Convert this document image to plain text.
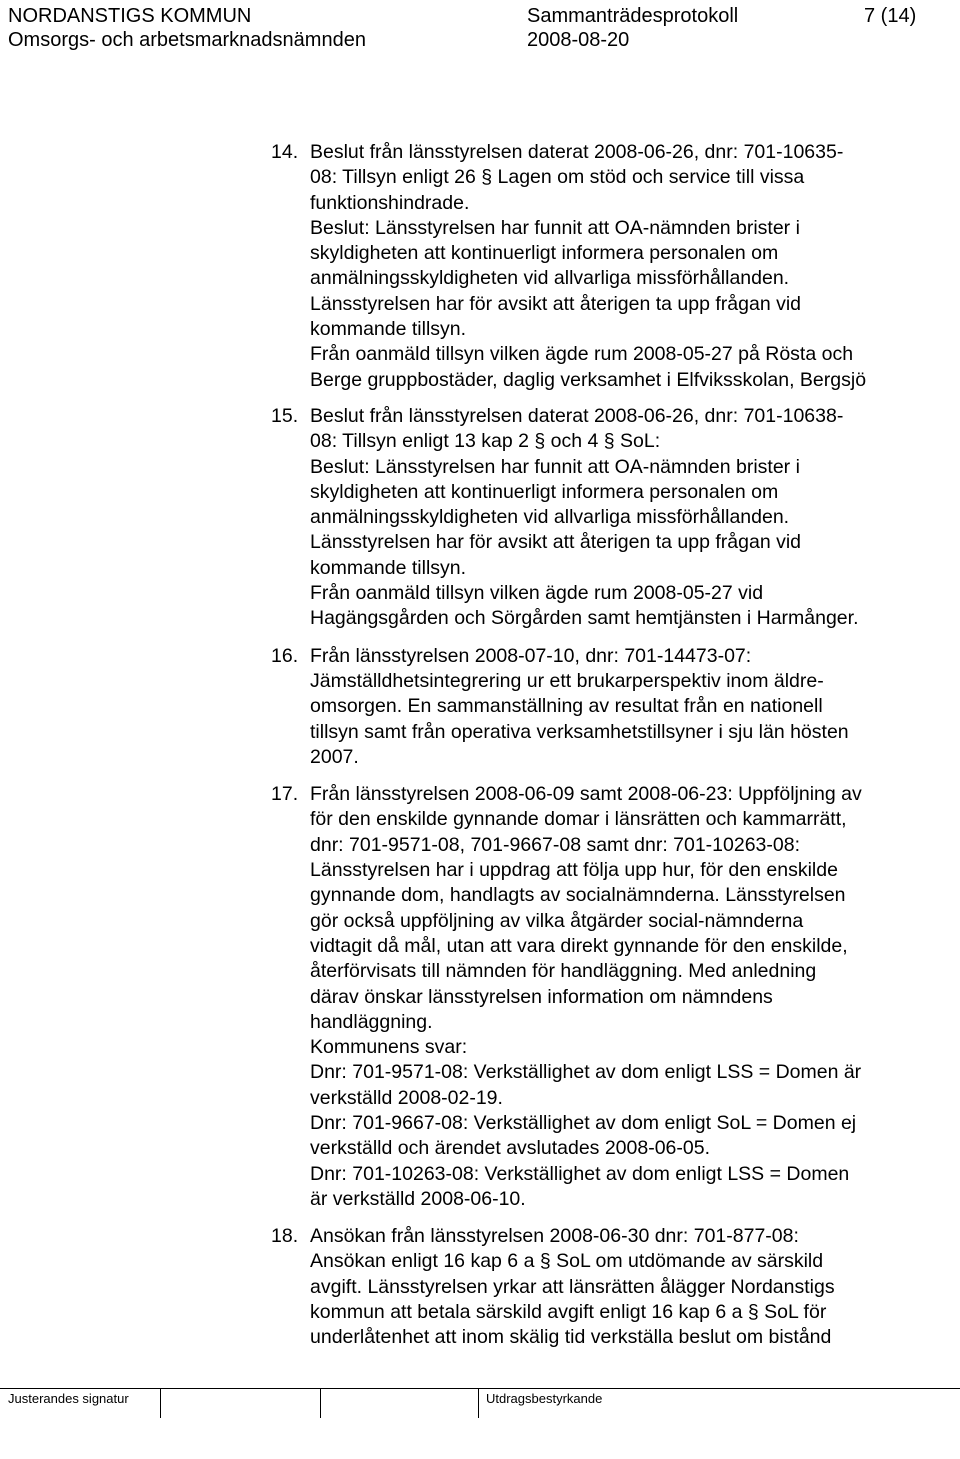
NORDANSTIGS KOMMUN	Sammanträdesprotokoll	7 (14)
Omsorgs- och arbetsmarknadsnämnden	2008-08-20
14. Beslut från länsstyrelsen daterat 2008-06-26, dnr: 701-10635-
08: Tillsyn enligt 26 § Lagen om stöd och service till vissa
funktionshindrade.
Beslut: Länsstyrelsen har funnit att OA-nämnden brister i
skyldigheten att kontinuerligt informera personalen om
anmälningsskyldigheten vid allvarliga missförhållanden.
Länsstyrelsen har för avsikt att återigen ta upp frågan vid
kommande tillsyn.
Från oanmäld tillsyn vilken ägde rum 2008-05-27 på Rösta och
Berge gruppbostäder, daglig verksamhet i Elfviksskolan, Bergsjö
15. Beslut från länsstyrelsen daterat 2008-06-26, dnr: 701-10638-
08: Tillsyn enligt 13 kap 2 § och 4 § SoL:
Beslut: Länsstyrelsen har funnit att OA-nämnden brister i
skyldigheten att kontinuerligt informera personalen om
anmälningsskyldigheten vid allvarliga missförhållanden.
Länsstyrelsen har för avsikt att återigen ta upp frågan vid
kommande tillsyn.
Från oanmäld tillsyn vilken ägde rum 2008-05-27 vid
Hagängsgården och Sörgården samt hemtjänsten i Harmånger.
16. Från länsstyrelsen 2008-07-10, dnr: 701-14473-07:
Jämställdhetsintegrering ur ett brukarperspektiv inom äldre-
omsorgen. En sammanställning av resultat från en nationell
tillsyn samt från operativa verksamhetstillsyner i sju län hösten
2007.
17. Från länsstyrelsen 2008-06-09 samt 2008-06-23: Uppföljning av
för den enskilde gynnande domar i länsrätten och kammarrätt,
dnr: 701-9571-08, 701-9667-08 samt dnr: 701-10263-08:
Länsstyrelsen har i uppdrag att följa upp hur, för den enskilde
gynnande dom, handlagts av socialnämnderna. Länsstyrelsen
gör också uppföljning av vilka åtgärder social-nämnderna
vidtagit då mål, utan att vara direkt gynnande för den enskilde,
återförvisats till nämnden för handläggning. Med anledning
därav önskar länsstyrelsen information om nämndens
handläggning.
Kommunens svar:
Dnr: 701-9571-08: Verkställighet av dom enligt LSS = Domen är
verkställd 2008-02-19.
Dnr: 701-9667-08: Verkställighet av dom enligt SoL = Domen ej
verkställd och ärendet avslutades 2008-06-05.
Dnr: 701-10263-08: Verkställighet av dom enligt LSS = Domen
är verkställd 2008-06-10.
18. Ansökan från länsstyrelsen 2008-06-30 dnr: 701-877-08:
Ansökan enligt 16 kap 6 a § SoL om utdömande av särskild
avgift. Länsstyrelsen yrkar att länsrätten ålägger Nordanstigs
kommun att betala särskild avgift enligt 16 kap 6 a § SoL för
underlåtenhet att inom skälig tid verkställa beslut om bistånd
Justerandes signatur	Utdragsbestyrkande
